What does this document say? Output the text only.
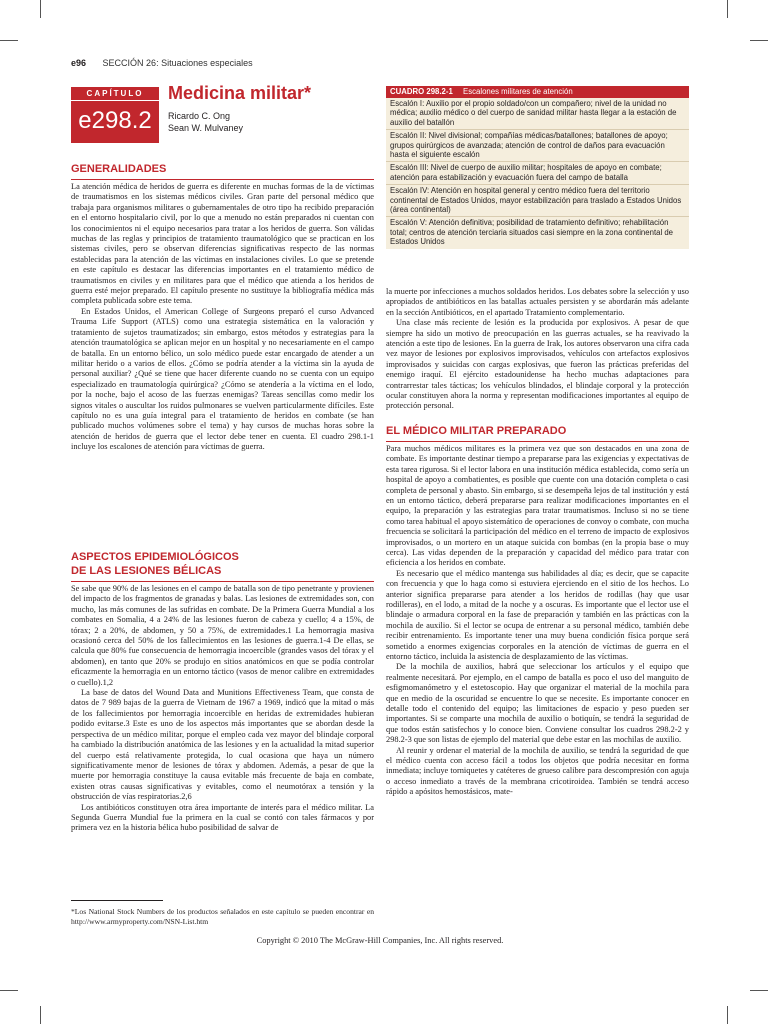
e96 SECCIÓN 26: Situaciones especiales
CAPÍTULO
e298.2
Medicina militar*
Ricardo C. Ong
Sean W. Mulvaney
CUADRO 298.2-1 Escalones militares de atención
Escalón I: Auxilio por el propio soldado/con un compañero; nivel de la unidad no médica; auxilio médico o del cuerpo de sanidad militar hasta llegar a la estación de auxilio del batallón
Escalón II: Nivel divisional; compañías médicas/batallones; batallones de apoyo; grupos quirúrgicos de avanzada; atención de control de daños para evacuación hasta el siguiente escalón
Escalón III: Nivel de cuerpo de auxilio militar; hospitales de apoyo en combate; atención para estabilización y evacuación fuera del campo de batalla
Escalón IV: Atención en hospital general y centro médico fuera del territorio continental de Estados Unidos, mayor estabilización para traslado a Estados Unidos (área continental)
Escalón V: Atención definitiva; posibilidad de tratamiento definitivo; rehabilitación total; centros de atención terciaria situados casi siempre en la zona continental de Estados Unidos
GENERALIDADES

La atención médica de heridos de guerra es diferente en muchas formas de la de víctimas de traumatismos en los sistemas médicos civiles. Gran parte del personal médico que trabaja para organismos militares o gubernamentales de otro tipo ha recibido preparación en el entorno hospitalario civil, por lo que a menudo no están preparados ni cuentan con los conocimientos ni el equipo necesarios para tratar a los heridos de guerra. Son válidas muchas de las reglas y principios de tratamiento traumatológico que se practican en los sistemas civiles, pero se observan diferencias significativas respecto de las normas establecidas para la atención de las víctimas en instalaciones civiles. Lo que se pretende en este capítulo es destacar las diferencias importantes en el tratamiento médico de traumatismos en civiles y en militares para que el médico que atienda a los heridos de guerra esté mejor preparado. El capítulo presente no sustituye la bibliografía médica más completa publicada sobre este tema.

En Estados Unidos, el American College of Surgeons preparó el curso Advanced Trauma Life Support (ATLS) como una estrategia sistemática en la valoración y tratamiento de sujetos traumatizados; sin embargo, estos métodos y estrategias para la atención traumatológica se aplican mejor en un hospital y no necesariamente en el campo de batalla. En un entorno bélico, un solo médico puede estar encargado de atender a un militar herido o a varios de ellos. ¿Cómo se podría atender a la víctima sin la ayuda de personal auxiliar? ¿Qué se tiene que hacer diferente cuando no se cuenta con un equipo especializado en traumatología quirúrgica? ¿Cómo se atendería a la víctima en el lodo, por la noche, bajo el acoso de las fuerzas enemigas? Tareas sencillas como medir los signos vitales o auscultar los ruidos pulmonares se vuelven particularmente difíciles. Este capítulo no es una guía integral para el tratamiento de heridos en combate (se han publicado muchos volúmenes sobre el tema) y hay cursos de muchas horas sobre la atención de heridos de guerra que el lector debe tener en cuenta. El cuadro 298.1-1 incluye los escalones de atención para víctimas de guerra.

ASPECTOS EPIDEMIOLÓGICOS
DE LAS LESIONES BÉLICAS

Se sabe que 90% de las lesiones en el campo de batalla son de tipo penetrante y provienen del impacto de los fragmentos de granadas y balas. Las lesiones de extremidades son, con mucho, las más comunes de las sufridas en combate. De la Primera Guerra Mundial a los combates en Somalia, 4 a 24% de las lesiones fueron de cabeza y cuello; 4 a 15%, de tórax; 2 a 20%, de abdomen, y 50 a 75%, de extremidades.1 La hemorragia masiva ocasionó cerca del 50% de los fallecimientos en las lesiones de guerra.1-4 De ellas, se calcula que 80% fue consecuencia de hemorragia incoercible (grandes vasos del tórax y el abdomen), en tanto que 20% se produjo en sitios anatómicos en que se podía controlar eficazmente la hemorragia en un entorno táctico (vasos de menor calibre en extremidades o cuello).1,2

La base de datos del Wound Data and Munitions Effectiveness Team, que consta de datos de 7 989 bajas de la guerra de Vietnam de 1967 a 1969, indicó que la mitad o más de los fallecimientos por hemorragia incoercible en heridas de extremidades hubieran podido evitarse.3 Este es uno de los aspectos más importantes que se abordan desde la perspectiva de un médico militar, porque el empleo cada vez mayor del blindaje corporal ha cambiado la distribución anatómica de las lesiones y en la actualidad la mitad superior del cuerpo está relativamente protegida, lo cual ocasiona que haya un número significativamente menor de lesiones de tórax y abdomen. Además, a pesar de que la muerte por hemorragia constituye la causa evitable más frecuente de baja en combate, existen otras causas significativas y evitables, como el neumotórax a tensión y la obstrucción de vías respiratorias.2,6

Los antibióticos constituyen otra área importante de interés para el médico militar. La Segunda Guerra Mundial fue la primera en la cual se contó con tales fármacos y por primera vez en la historia bélica hubo posibilidad de salvar de

la muerte por infecciones a muchos soldados heridos. Los debates sobre la selección y uso apropiados de antibióticos en las batallas actuales persisten y se abordarán más adelante en la sección Antibióticos, en el apartado Tratamiento complementario.

Una clase más reciente de lesión es la producida por explosivos. A pesar de que siempre ha sido un motivo de preocupación en las guerras actuales, se ha reavivado la atención a este tipo de lesiones. En la guerra de Irak, los autores observaron una cifra cada vez mayor de lesiones por explosivos improvisados, vehículos con artefactos explosivos improvisados y suicidas con cargas explosivas, que fueron las prácticas preferidas del enemigo iraquí. El ejército estadounidense ha hecho muchas adaptaciones para contrarrestar tales tácticas; los vehículos blindados, el blindaje corporal y la protección ocular constituyen ahora la norma y representan modificaciones importantes al equipo de protección personal.

EL MÉDICO MILITAR PREPARADO

Para muchos médicos militares es la primera vez que son destacados en una zona de combate. Es importante destinar tiempo a prepararse para las exigencias y expectativas de esta tarea rigurosa. Si el lector labora en una institución médica establecida, como sería un hospital de apoyo a combatientes, es posible que cuente con una dotación completa o casi completa de personal y abasto. Sin embargo, si se desempeña lejos de tal institución y está en un entorno táctico, deberá prepararse para realizar modificaciones importantes en el equipo, la preparación y las estrategias para tratar traumatismos. Incluso si no se tiene como tarea habitual el apoyo sistemático de operaciones de convoy o combate, con mucha frecuencia se solicitará la participación del médico en el terreno de impacto de explosivos improvisados, o un mortero en un ataque suicida con bombas (en la propia base o muy cerca). Las vidas dependen de la preparación y capacidad del médico para tratar con eficiencia a los heridos en combate.

Es necesario que el médico mantenga sus habilidades al día; es decir, que se capacite con frecuencia y que lo haga como si estuviera ejerciendo en el sitio de los hechos. Lo anterior significa prepararse para atender a los heridos de rodillas (hay que usar rodilleras), en el lodo, a mitad de la noche y a oscuras. Es importante que el lector use el blindaje o armadura corporal en la fase de preparación y también en las prácticas con la mochila de auxilio. Si el lector se ocupa de entrenar a su personal médico, también debe recibir entrenamiento. Es importante tener una muy buena condición física porque será sometido a enormes exigencias corporales en la atención de víctimas de guerra en el entorno táctico, incluida la asistencia de desplazamiento de las víctimas.

De la mochila de auxilios, habrá que seleccionar los artículos y el equipo que realmente necesitará. Por ejemplo, en el campo de batalla es poco el uso del manguito de esfigmomanómetro y el estetoscopio. Hay que organizar el material de la mochila para que en medio de la oscuridad se encuentre lo que se necesite. Es importante conocer en detalle todo el contenido del equipo; las limitaciones de espacio y peso pueden ser importantes. Si se comparte una mochila de auxilio o botiquín, se tendrá la seguridad de que todos están satisfechos y lo conoce bien. Conviene consultar los cuadros 298.2-2 y 298.2-3 que son listas de ejemplo del material que debe estar en las mochilas de auxilio.

Al reunir y ordenar el material de la mochila de auxilio, se tendrá la seguridad de que el médico cuenta con acceso fácil a todos los objetos que podría necesitar en forma inmediata; incluye torniquetes y catéteres de grueso calibre para descompresión con aguja o acceso inmediato a través de la membrana cricotiroidea. También se tendrá acceso rápido a apósitos hemostásicos, mate-

*Los National Stock Numbers de los productos señalados en este capítulo se pueden encontrar en http://www.armyproperty.com/NSN-List.htm
Copyright © 2010 The McGraw-Hill Companies, Inc. All rights reserved.
